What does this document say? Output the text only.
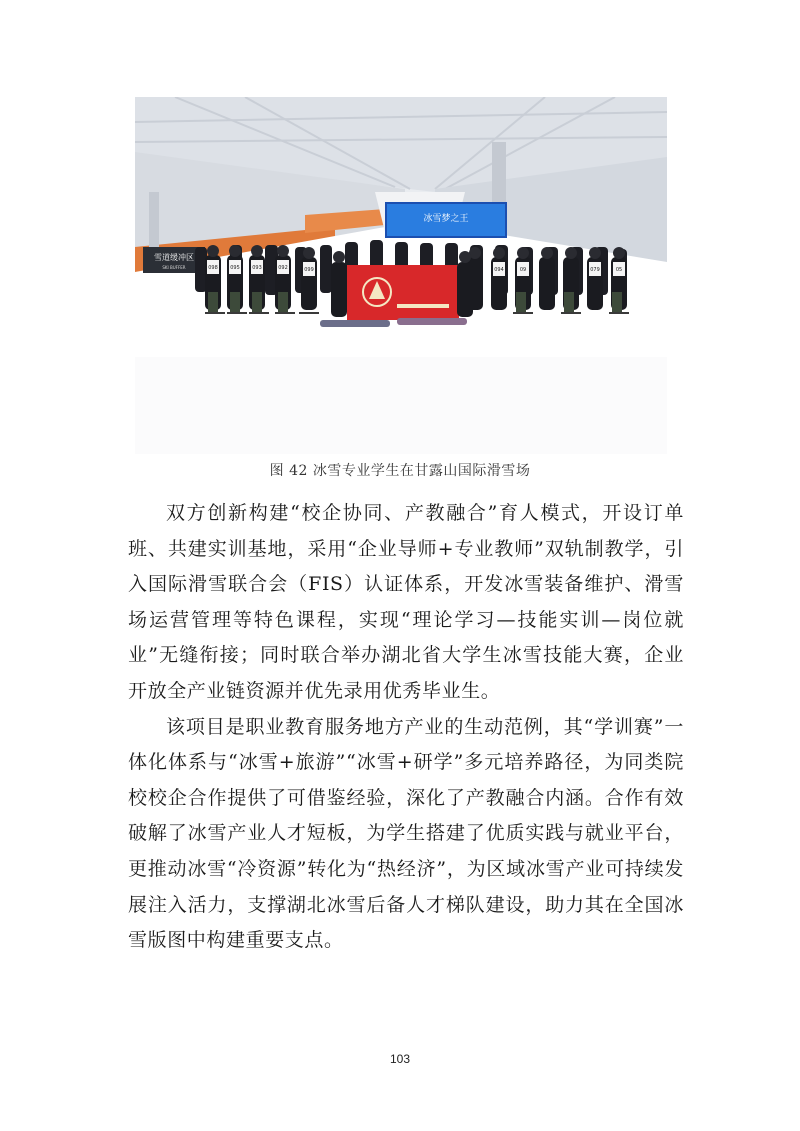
雪道缓冲区
SKI BUFFER
冰雪梦之王
098 095 093	092	099	094	09	079	05
图 42 冰雪专业学生在甘露山国际滑雪场

双方创新构建“校企协同、产教融合”育人模式，开设订单班、共建实训基地，采用“企业导师+专业教师”双轨制教学，引入国际滑雪联合会（FIS）认证体系，开发冰雪装备维护、滑雪场运营管理等特色课程，实现“理论学习—技能实训—岗位就业”无缝衔接；同时联合举办湖北省大学生冰雪技能大赛，企业开放全产业链资源并优先录用优秀毕业生。

该项目是职业教育服务地方产业的生动范例，其“学训赛”一体化体系与“冰雪+旅游”“冰雪+研学”多元培养路径，为同类院校校企合作提供了可借鉴经验，深化了产教融合内涵。合作有效破解了冰雪产业人才短板，为学生搭建了优质实践与就业平台，更推动冰雪“冷资源”转化为“热经济”，为区域冰雪产业可持续发展注入活力，支撑湖北冰雪后备人才梯队建设，助力其在全国冰雪版图中构建重要支点。

103
